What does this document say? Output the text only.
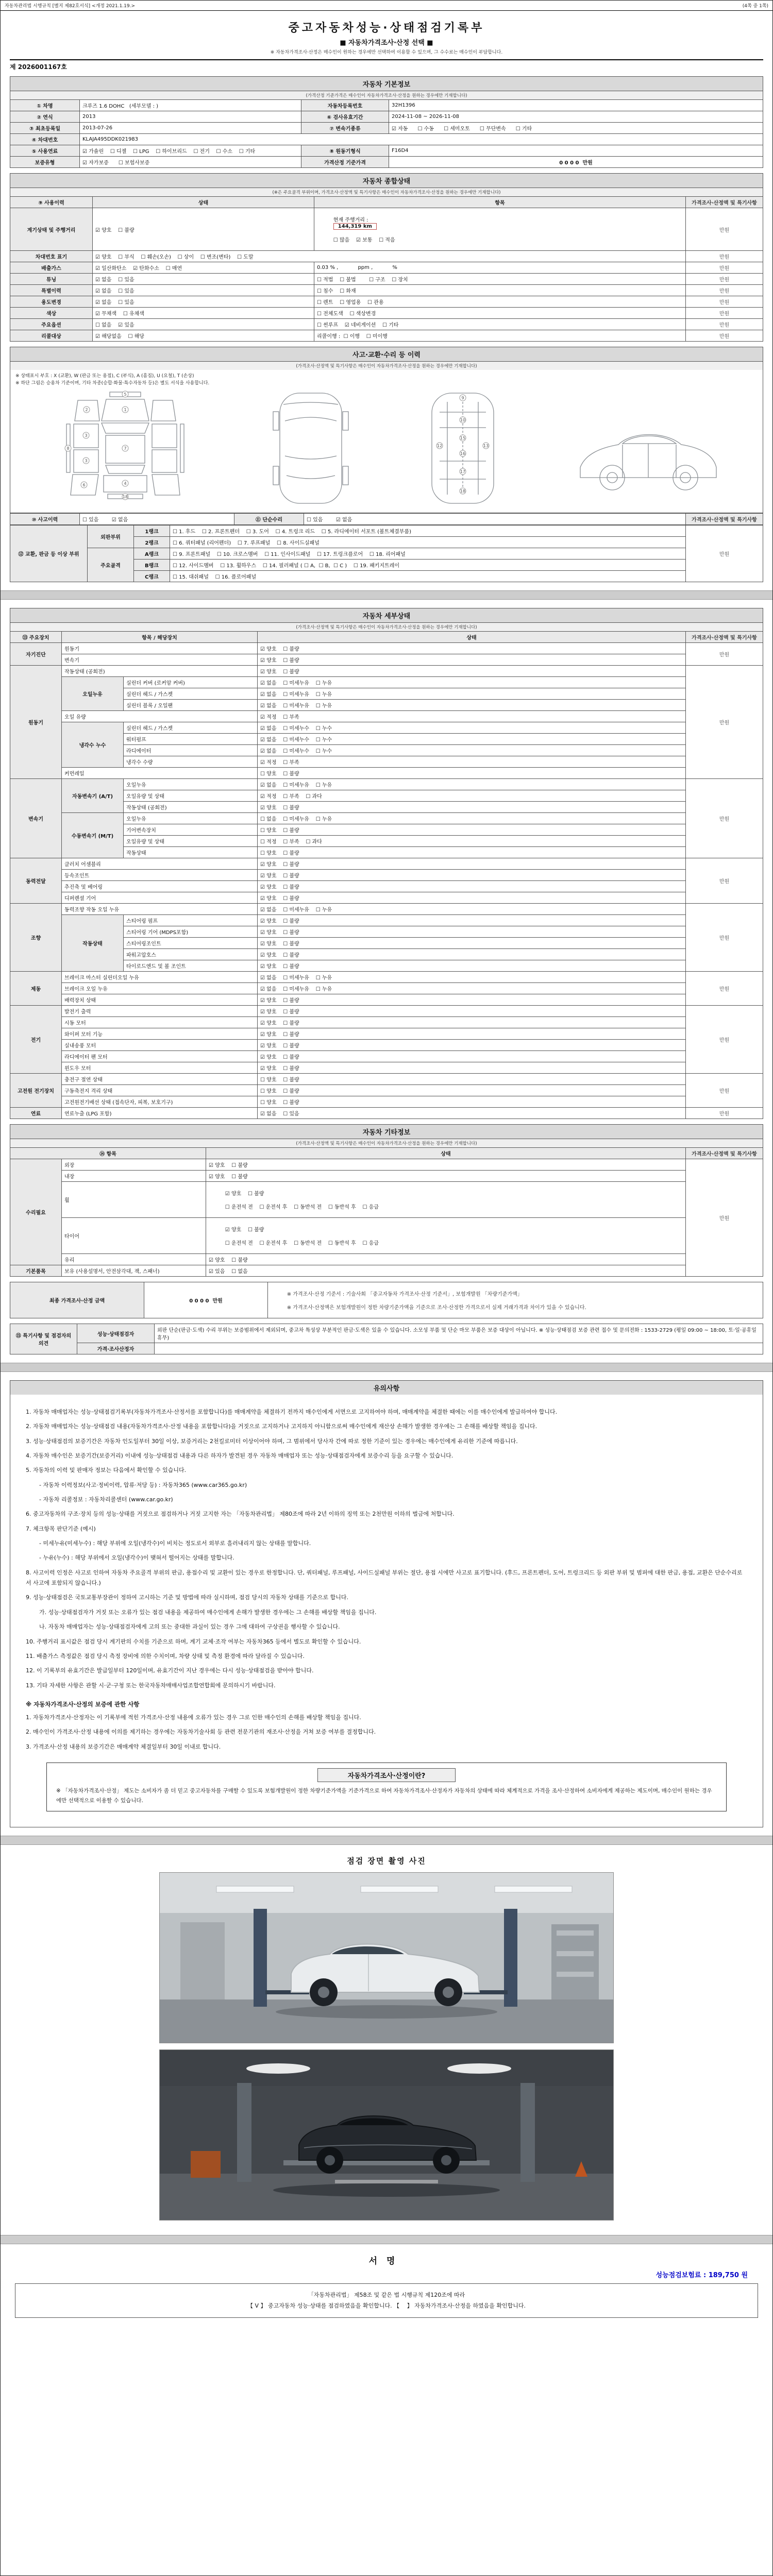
자동차관리법 시행규칙 [별지 제82호서식] <개정 2021.1.19.>	(4쪽 중 1쪽)
중고자동차성능·상태점검기록부
■ 자동차가격조사·산정 선택 ■
※ 자동차가격조사·산정은 매수인이 원하는 경우에만 선택하여 이용할 수 있으며, 그 수수료는 매수인이 부담합니다.
제 2026001167호
자동차 기본정보
(가격산정 기준가격은 매수인이 자동차가격조사·산정을 원하는 경우에만 기재합니다)
① 차명	크루즈 1.6 DOHC   (세부모델 : )	자동차등록번호	32H1396
② 연식	2013	⑥ 검사유효기간	2024-11-08 ~ 2026-11-08
③ 최초등록일	2013-07-26	⑦ 변속기종류	☑ 자동      ☐ 수동      ☐ 세미오토      ☐ 무단변속      ☐ 기타
④ 차대번호	KLAJA495DDK021983		
⑤ 사용연료	☑ 가솔린    ☐ 디젤    ☐ LPG    ☐ 하이브리드    ☐ 전기    ☐ 수소    ☐ 기타	⑧ 원동기형식	F16D4
보증유형	☑ 자가보증      ☐ 보험사보증	가격산정 기준가격	0 0 0 0  만원
자동차 종합상태
(※은 주요골격 부위이며, 가격조사·산정액 및 특기사항은 매수인이 자동차가격조사·산정을 원하는 경우에만 기재합니다)
⑨ 사용이력	상태	항목	가격조사·산정액 및 특기사항
계기상태 및 주행거리	☑ 양호    ☐ 불량	현재 주행거리 :
144,319 km

☐ 많음    ☑ 보통    ☐ 적음	만원
차대번호 표기	☑ 양호    ☐ 부식    ☐ 훼손(오손)    ☐ 상이    ☐ 변조(변타)    ☐ 도말		만원
배출가스	☑ 일산화탄소    ☑ 탄화수소    ☐ 매연	0.03 % ,            ppm ,            %	만원
튜닝	☑ 없음    ☐ 있음	☐ 적법    ☐ 불법        ☐ 구조    ☐ 장치	만원
특별이력	☑ 없음    ☐ 있음	☐ 침수    ☐ 화재	만원
용도변경	☑ 없음    ☐ 있음	☐ 렌트    ☐ 영업용    ☐ 관용	만원
색상	☑ 무채색    ☐ 유채색	☐ 전체도색    ☐ 색상변경	만원
주요옵션	☐ 없음    ☑ 있음	☐ 썬루프    ☑ 네비게이션    ☐ 기타	만원
리콜대상	☑ 해당없음    ☐ 해당	리콜이행 :  ☐ 이행    ☐ 미이행	만원
사고·교환·수리 등 이력
(가격조사·산정액 및 특기사항은 매수인이 자동차가격조사·산정을 원하는 경우에만 기재합니다)
※ 상태표시 부호 : X (교환), W (판금 또는 용접), C (부식), A (흠집), U (요철), T (손상)
※ 하단 그림은 승용차 기준이며, 기타 차종(승합·화물·특수자동차 등)은 별도 서식을 사용합니다.
5
1
7
4
18
2
3
3
6
8
9
10
12	13
15
16
17
18
⑩ 사고이력	☐ 있음        ☑ 없음	⑪ 단순수리	☐ 있음        ☑ 없음	가격조사·산정액 및 특기사항
⑫ 교환, 판금 등 이상 부위	외판부위	1랭크	☐ 1. 후드    ☐ 2. 프론트펜더    ☐ 3. 도어    ☐ 4. 트렁크 리드    ☐ 5. 라디에이터 서포트 (볼트체결부품)	만원
		2랭크	☐ 6. 쿼터패널 (리어펜더)    ☐ 7. 루프패널    ☐ 8. 사이드실패널	
	주요골격	A랭크	☐ 9. 프론트패널    ☐ 10. 크로스멤버    ☐ 11. 인사이드패널    ☐ 17. 트렁크플로어    ☐ 18. 리어패널	
		B랭크	☐ 12. 사이드멤버    ☐ 13. 휠하우스    ☐ 14. 필러패널 ( ☐ A,  ☐ B,  ☐ C )    ☐ 19. 패키지트레이	
		C랭크	☐ 15. 대쉬패널    ☐ 16. 플로어패널	
자동차 세부상태
(가격조사·산정액 및 특기사항은 매수인이 자동차가격조사·산정을 원하는 경우에만 기재합니다)
⑬ 주요장치	항목 / 해당장치		상태	가격조사·산정액 및 특기사항
자기진단	원동기		☑ 양호    ☐ 불량	만원
	변속기		☑ 양호    ☐ 불량	
원동기	작동상태 (공회전)		☑ 양호    ☐ 불량	만원
	오일누유	실린더 커버 (로커암 커버)	☑ 없음    ☐ 미세누유    ☐ 누유	
		실린더 헤드 / 가스켓	☑ 없음    ☐ 미세누유    ☐ 누유	
		실린더 블록 / 오일팬	☑ 없음    ☐ 미세누유    ☐ 누유	
	오일 유량		☑ 적정    ☐ 부족	
	냉각수 누수	실린더 헤드 / 가스켓	☑ 없음    ☐ 미세누수    ☐ 누수	
		워터펌프	☑ 없음    ☐ 미세누수    ☐ 누수	
		라디에이터	☑ 없음    ☐ 미세누수    ☐ 누수	
		냉각수 수량	☑ 적정    ☐ 부족	
	커먼레일		☐ 양호    ☐ 불량	
변속기	자동변속기 (A/T)	오일누유	☑ 없음    ☐ 미세누유    ☐ 누유	만원
		오일유량 및 상태	☑ 적정    ☐ 부족    ☐ 과다	
		작동상태 (공회전)	☑ 양호    ☐ 불량	
	수동변속기 (M/T)	오일누유	☐ 없음    ☐ 미세누유    ☐ 누유	
		기어변속장치	☐ 양호    ☐ 불량	
		오일유량 및 상태	☐ 적정    ☐ 부족    ☐ 과다	
		작동상태	☐ 양호    ☐ 불량	
동력전달	클러치 어셈블리		☑ 양호    ☐ 불량	만원
	등속조인트		☑ 양호    ☐ 불량	
	추진축 및 베어링		☑ 양호    ☐ 불량	
	디퍼렌셜 기어		☑ 양호    ☐ 불량	
조향	동력조향 작동 오일 누유		☑ 없음    ☐ 미세누유    ☐ 누유	만원
	작동상태	스티어링 펌프	☑ 양호    ☐ 불량	
		스티어링 기어 (MDPS포함)	☑ 양호    ☐ 불량	
		스티어링조인트	☑ 양호    ☐ 불량	
		파워고압호스	☑ 양호    ☐ 불량	
		타이로드엔드 및 볼 조인트	☑ 양호    ☐ 불량	
제동	브레이크 마스터 실린더오일 누유		☑ 없음    ☐ 미세누유    ☐ 누유	만원
	브레이크 오일 누유		☑ 없음    ☐ 미세누유    ☐ 누유	
	배력장치 상태		☑ 양호    ☐ 불량	
전기	발전기 출력		☑ 양호    ☐ 불량	만원
	시동 모터		☑ 양호    ☐ 불량	
	와이퍼 모터 기능		☑ 양호    ☐ 불량	
	실내송풍 모터		☑ 양호    ☐ 불량	
	라디에이터 팬 모터		☑ 양호    ☐ 불량	
	윈도우 모터		☑ 양호    ☐ 불량	
고전원 전기장치	충전구 절연 상태		☐ 양호    ☐ 불량	만원
	구동축전지 격리 상태		☐ 양호    ☐ 불량	
	고전원전기배선 상태 (접속단자, 피복, 보호기구)		☐ 양호    ☐ 불량	
연료	연료누출 (LPG 포함)		☑ 없음    ☐ 있음	만원
자동차 기타정보
(가격조사·산정액 및 특기사항은 매수인이 자동차가격조사·산정을 원하는 경우에만 기재합니다)
⑭ 항목		상태	가격조사·산정액 및 특기사항
수리필요	외장	☑ 양호    ☐ 불량	만원
	내장	☑ 양호    ☐ 불량	
	휠	☑ 양호    ☐ 불량

☐ 운전석 전    ☐ 운전석 후    ☐ 동반석 전    ☐ 동반석 후    ☐ 응급	

	타이어	☑ 양호    ☐ 불량

☐ 운전석 전    ☐ 운전석 후    ☐ 동반석 전    ☐ 동반석 후    ☐ 응급	

	유리	☑ 양호    ☐ 불량	
기본품목	보유 (사용설명서, 안전삼각대, 잭, 스패너)	☑ 있음    ☐ 없음	
최종 가격조사·산정 금액	0 0 0 0  만원	
※ 가격조사·산정 기준서 : 기술사회 「중고자동차 가격조사·산정 기준서」, 보험개발원 「차량기준가액」

※ 가격조사·산정액은 보험개발원이 정한 차량기준가액을 기준으로 조사·산정한 가격으로서 실제 거래가격과 차이가 있을 수 있습니다.

⑮ 특기사항 및 점검자의 의견	성능·상태점검자	외판 단순(판금·도색) 수리 부위는 보증범위에서 제외되며, 중고차 특성상 부분적인 판금·도색은 있을 수 있습니다. 소모성 부품 및 단순 마모 부품은 보증 대상이 아닙니다. ※ 성능·상태점검 보증 관련 접수 및 문의전화 : 1533-2729 (평일 09:00 ~ 18:00, 토·일·공휴일 휴무)
	가격·조사산정자	
유의사항

1. 자동차 매매업자는 성능·상태점검기록부(자동차가격조사·산정서를 포함합니다)를 매매계약을 체결하기 전까지 매수인에게 서면으로 고지하여야 하며, 매매계약을 체결한 때에는 이를 매수인에게 발급하여야 합니다.

2. 자동차 매매업자는 성능·상태점검 내용(자동차가격조사·산정 내용을 포함합니다)을 거짓으로 고지하거나 고지하지 아니함으로써 매수인에게 재산상 손해가 발생한 경우에는 그 손해를 배상할 책임을 집니다.

3. 성능·상태점검의 보증기간은 자동차 인도일부터 30일 이상, 보증거리는 2천킬로미터 이상이어야 하며, 그 범위에서 당사자 간에 따로 정한 기준이 있는 경우에는 매수인에게 유리한 기준에 따릅니다.

4. 자동차 매수인은 보증기간(보증거리) 이내에 성능·상태점검 내용과 다른 하자가 발견된 경우 자동차 매매업자 또는 성능·상태점검자에게 보증수리 등을 요구할 수 있습니다.

5. 자동차의 이력 및 판매자 정보는 다음에서 확인할 수 있습니다.

- 자동차 이력정보(사고·정비이력, 압류·저당 등) : 자동차365 (www.car365.go.kr)

- 자동차 리콜정보 : 자동차리콜센터 (www.car.go.kr)

6. 중고자동차의 구조·장치 등의 성능·상태를 거짓으로 점검하거나 거짓 고지한 자는 「자동차관리법」 제80조에 따라 2년 이하의 징역 또는 2천만원 이하의 벌금에 처합니다.

7. 체크항목 판단기준 (예시)

- 미세누유(미세누수) : 해당 부위에 오일(냉각수)이 비치는 정도로서 외부로 흘러내리지 않는 상태를 말합니다.

- 누유(누수) : 해당 부위에서 오일(냉각수)이 맺혀서 떨어지는 상태를 말합니다.

8. 사고이력 인정은 사고로 인하여 자동차 주요골격 부위의 판금, 용접수리 및 교환이 있는 경우로 한정합니다. 단, 쿼터패널, 루프패널, 사이드실패널 부위는 절단, 용접 시에만 사고로 표기합니다. (후드, 프론트펜더, 도어, 트렁크리드 등 외판 부위 및 범퍼에 대한 판금, 용접, 교환은 단순수리로서 사고에 포함되지 않습니다.)

9. 성능·상태점검은 국토교통부장관이 정하여 고시하는 기준 및 방법에 따라 실시하며, 점검 당시의 자동차 상태를 기준으로 합니다.

가. 성능·상태점검자가 거짓 또는 오류가 있는 점검 내용을 제공하여 매수인에게 손해가 발생한 경우에는 그 손해를 배상할 책임을 집니다.

나. 자동차 매매업자는 성능·상태점검자에게 고의 또는 중대한 과실이 있는 경우 그에 대하여 구상권을 행사할 수 있습니다.

10. 주행거리 표시값은 점검 당시 계기판의 수치를 기준으로 하며, 계기 교체·조작 여부는 자동차365 등에서 별도로 확인할 수 있습니다.

11. 배출가스 측정값은 점검 당시 측정 장비에 의한 수치이며, 차량 상태 및 측정 환경에 따라 달라질 수 있습니다.

12. 이 기록부의 유효기간은 발급일부터 120일이며, 유효기간이 지난 경우에는 다시 성능·상태점검을 받아야 합니다.

13. 기타 자세한 사항은 관할 시·군·구청 또는 한국자동차매매사업조합연합회에 문의하시기 바랍니다.

※ 자동차가격조사·산정의 보증에 관한 사항

1. 자동차가격조사·산정자는 이 기록부에 적힌 가격조사·산정 내용에 오류가 있는 경우 그로 인한 매수인의 손해를 배상할 책임을 집니다.

2. 매수인이 가격조사·산정 내용에 이의를 제기하는 경우에는 자동차기술사회 등 관련 전문기관의 재조사·산정을 거쳐 보증 여부를 결정합니다.

3. 가격조사·산정 내용의 보증기간은 매매계약 체결일부터 30일 이내로 합니다.

자동차가격조사·산정이란?

※ 「자동차가격조사·산정」 제도는 소비자가 좀 더 믿고 중고자동차를 구매할 수 있도록 보험개발원이 정한 차량기준가액을 기준가격으로 하여 자동차가격조사·산정자가 자동차의 상태에 따라 체계적으로 가격을 조사·산정하여 소비자에게 제공하는 제도이며, 매수인이 원하는 경우에만 선택적으로 이용할 수 있습니다.

점검 장면 촬영 사진
서명
성능점검보험료 : 189,750 원

「자동차관리법」 제58조 및 같은 법 시행규칙 제120조에 따라

【 V 】 중고자동차 성능·상태를 점검하였음을 확인합니다. 【　 】 자동차가격조사·산정을 하였음을 확인합니다.
